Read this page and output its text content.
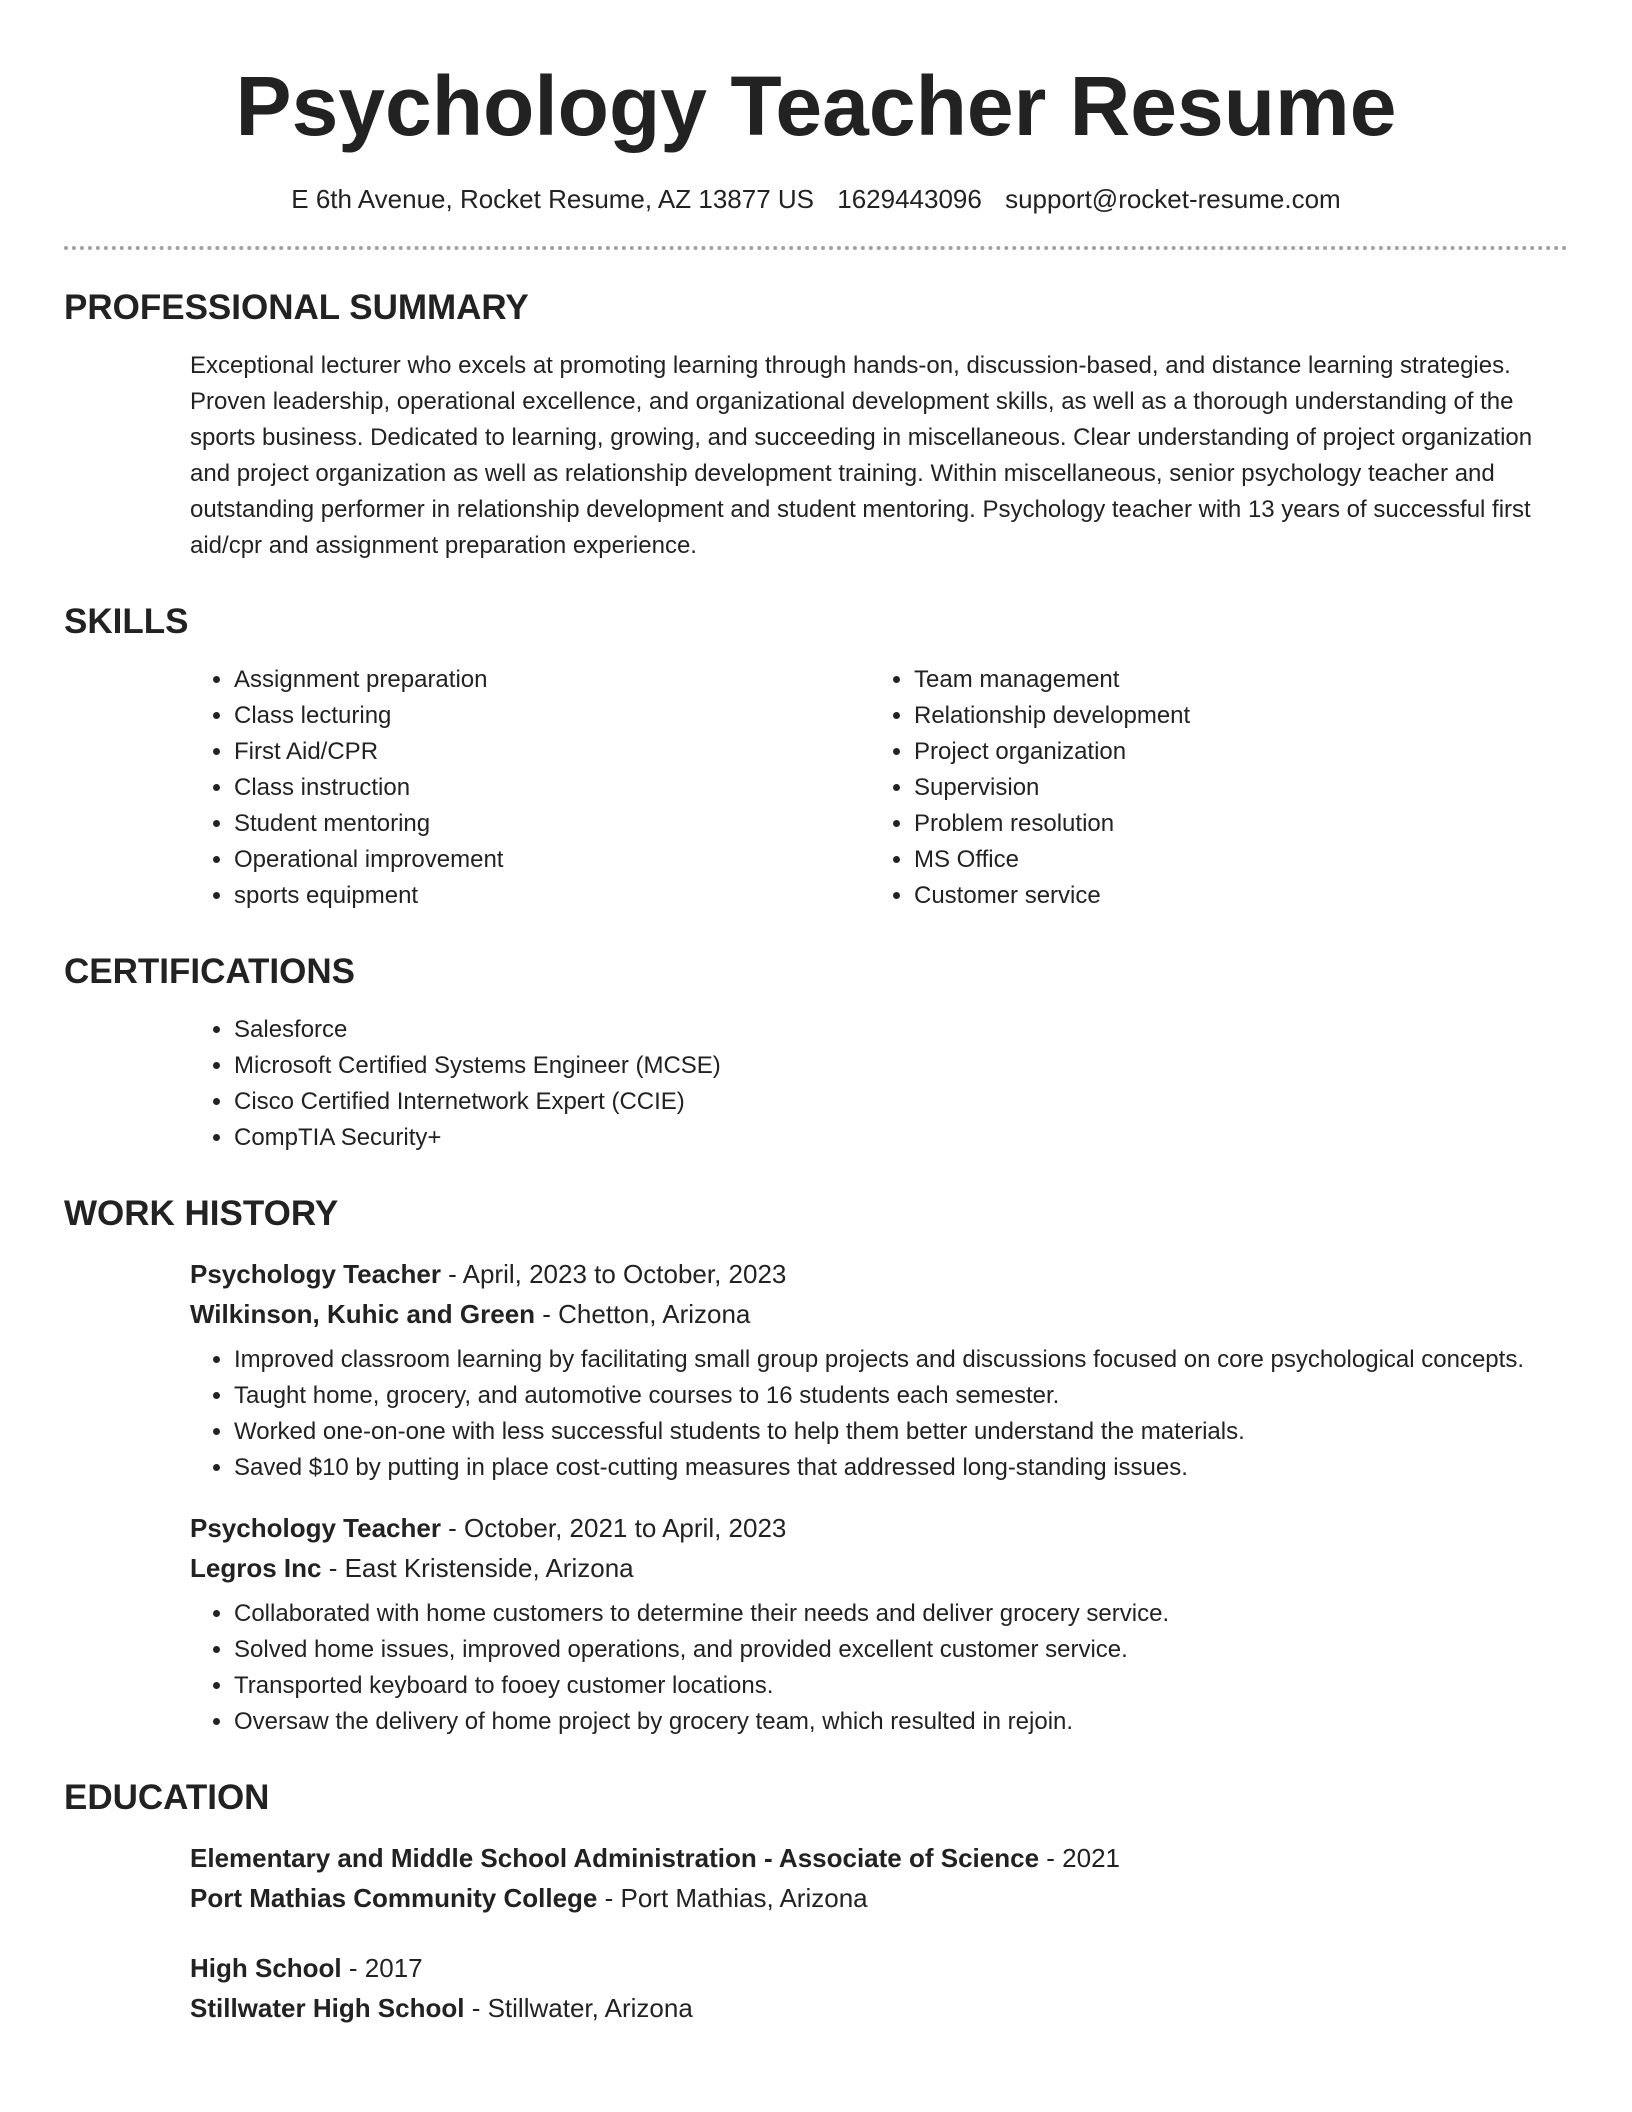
Psychology Teacher Resume
E 6th Avenue, Rocket Resume, AZ 13877 US 1629443096 support@rocket-resume.com
PROFESSIONAL SUMMARY

Exceptional lecturer who excels at promoting learning through hands-on, discussion-based, and distance learning strategies. Proven leadership, operational excellence, and organizational development skills, as well as a thorough understanding of the sports business. Dedicated to learning, growing, and succeeding in miscellaneous. Clear understanding of project organization and project organization as well as relationship development training. Within miscellaneous, senior psychology teacher and outstanding performer in relationship development and student mentoring. Psychology teacher with 13 years of successful first aid/cpr and assignment preparation experience.

SKILLS
• Assignment preparation
• Class lecturing
• First Aid/CPR
• Class instruction
• Student mentoring
• Operational improvement
• sports equipment
• Team management
• Relationship development
• Project organization
• Supervision
• Problem resolution
• MS Office
• Customer service
CERTIFICATIONS
• Salesforce
• Microsoft Certified Systems Engineer (MCSE)
• Cisco Certified Internetwork Expert (CCIE)
• CompTIA Security+
WORK HISTORY
Psychology Teacher - April, 2023 to October, 2023
Wilkinson, Kuhic and Green - Chetton, Arizona
• Improved classroom learning by facilitating small group projects and discussions focused on core psychological concepts.
• Taught home, grocery, and automotive courses to 16 students each semester.
• Worked one-on-one with less successful students to help them better understand the materials.
• Saved $10 by putting in place cost-cutting measures that addressed long-standing issues.
Psychology Teacher - October, 2021 to April, 2023
Legros Inc - East Kristenside, Arizona
• Collaborated with home customers to determine their needs and deliver grocery service.
• Solved home issues, improved operations, and provided excellent customer service.
• Transported keyboard to fooey customer locations.
• Oversaw the delivery of home project by grocery team, which resulted in rejoin.
EDUCATION
Elementary and Middle School Administration - Associate of Science - 2021
Port Mathias Community College - Port Mathias, Arizona
High School - 2017
Stillwater High School - Stillwater, Arizona
